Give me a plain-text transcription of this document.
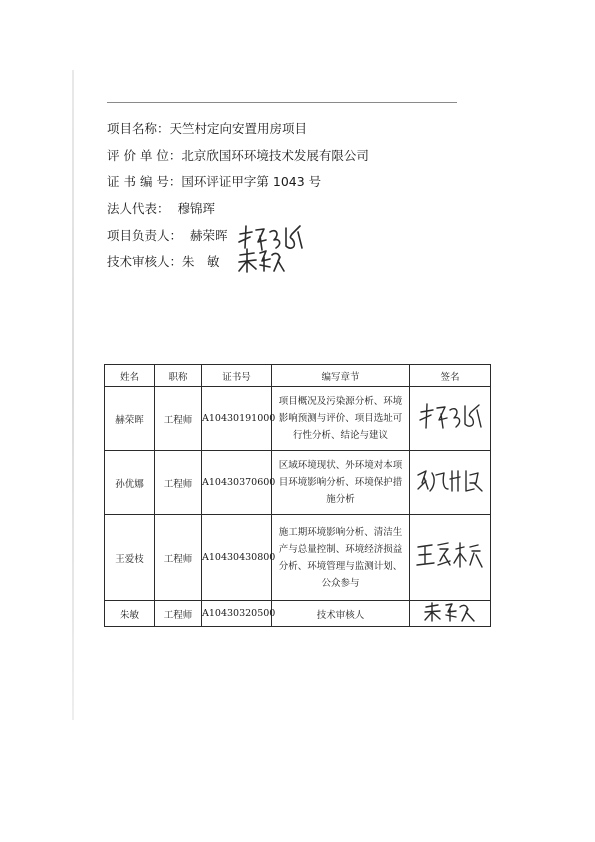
项目名称：天竺村定向安置用房项目
评 价 单 位：北京欣国环环境技术发展有限公司
证 书 编 号：国环评证甲字第 1043 号
法人代表： 穆锦珲
项目负责人： 赫荣晖
技术审核人：朱　敏
姓名	职称	证书号	编写章节	签名
赫荣晖	工程师	A10430191000	项目概况及污染源分析、环境
影响预测与评价、项目选址可
行性分析、结论与建议

孙优娜	工程师	A10430370600	区域环境现状、外环境对本项
目环境影响分析、环境保护措
施分析

王爱枝	工程师	A10430430800	施工期环境影响分析、清洁生
产与总量控制、环境经济损益
分析、环境管理与监测计划、
公众参与

朱敏	工程师	A10430320500	技术审核人	
